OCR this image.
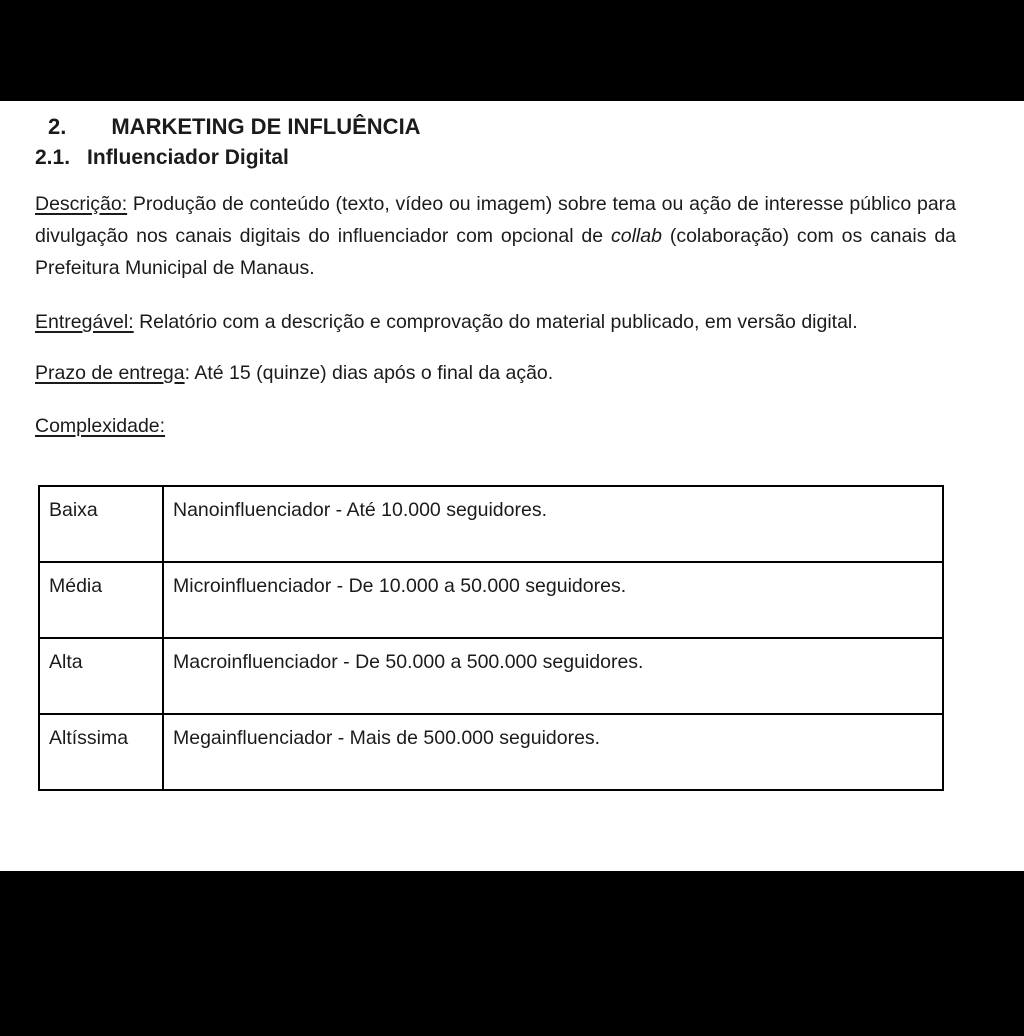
2. MARKETING DE INFLUÊNCIA
2.1. Influenciador Digital

Descrição: Produção de conteúdo (texto, vídeo ou imagem) sobre tema ou ação de interesse público para divulgação nos canais digitais do influenciador com opcional de collab (colaboração) com os canais da Prefeitura Municipal de Manaus.

Entregável: Relatório com a descrição e comprovação do material publicado, em versão digital.

Prazo de entrega: Até 15 (quinze) dias após o final da ação.

Complexidade:

Baixa	Nanoinfluenciador - Até 10.000 seguidores.
Média	Microinfluenciador - De 10.000 a 50.000 seguidores.
Alta	Macroinfluenciador - De 50.000 a 500.000 seguidores.
Altíssima	Megainfluenciador - Mais de 500.000 seguidores.
